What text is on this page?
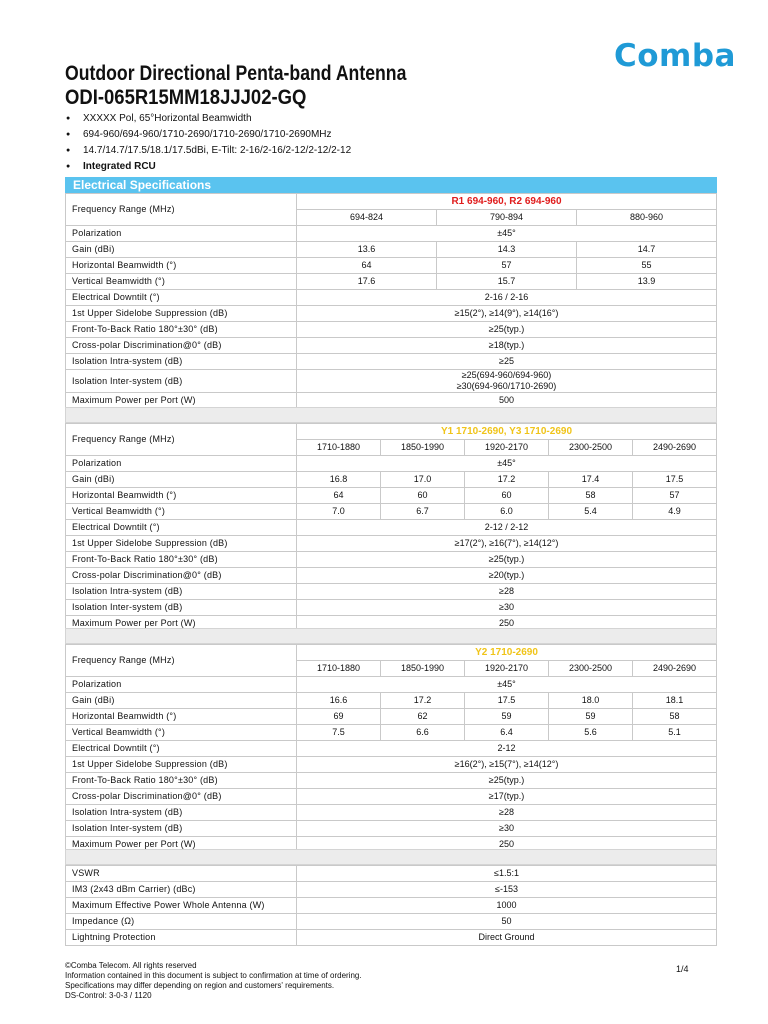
Comba
Outdoor Directional Penta-band Antenna
ODI-065R15MM18JJJ02-GQ
● XXXXX Pol, 65°Horizontal Beamwidth
● 694-960/694-960/1710-2690/1710-2690/1710-2690MHz
● 14.7/14.7/17.5/18.1/17.5dBi, E-Tilt: 2-16/2-16/2-12/2-12/2-12
● Integrated RCU
Electrical Specifications
Frequency Range (MHz)	R1 694-960, R2 694-960		
	694-824	790-894	880-960
Polarization	±45°		
Gain (dBi)	13.6	14.3	14.7
Horizontal Beamwidth (°)	64	57	55
Vertical Beamwidth (°)	17.6	15.7	13.9
Electrical Downtilt (°)	2-16 / 2-16		
1st Upper Sidelobe Suppression (dB)	≥15(2°), ≥14(9°), ≥14(16°)		
Front-To-Back Ratio 180°±30° (dB)	≥25(typ.)		
Cross-polar Discrimination@0° (dB)	≥18(typ.)		
Isolation Intra-system (dB)	≥25		
Isolation Inter-system (dB)	≥25(694-960/694-960)
≥30(694-960/1710-2690)		

Maximum Power per Port (W)	500		
Frequency Range (MHz)	Y1 1710-2690, Y3 1710-2690				
	1710-1880	1850-1990	1920-2170	2300-2500	2490-2690
Polarization	±45°				
Gain (dBi)	16.8	17.0	17.2	17.4	17.5
Horizontal Beamwidth (°)	64	60	60	58	57
Vertical Beamwidth (°)	7.0	6.7	6.0	5.4	4.9
Electrical Downtilt (°)	2-12 / 2-12				
1st Upper Sidelobe Suppression (dB)	≥17(2°), ≥16(7°), ≥14(12°)				
Front-To-Back Ratio 180°±30° (dB)	≥25(typ.)				
Cross-polar Discrimination@0° (dB)	≥20(typ.)				
Isolation Intra-system (dB)	≥28				
Isolation Inter-system (dB)	≥30				
Maximum Power per Port (W)	250				
Frequency Range (MHz)	Y2 1710-2690				
	1710-1880	1850-1990	1920-2170	2300-2500	2490-2690
Polarization	±45°				
Gain (dBi)	16.6	17.2	17.5	18.0	18.1
Horizontal Beamwidth (°)	69	62	59	59	58
Vertical Beamwidth (°)	7.5	6.6	6.4	5.6	5.1
Electrical Downtilt (°)	2-12				
1st Upper Sidelobe Suppression (dB)	≥16(2°), ≥15(7°), ≥14(12°)				
Front-To-Back Ratio 180°±30° (dB)	≥25(typ.)				
Cross-polar Discrimination@0° (dB)	≥17(typ.)				
Isolation Intra-system (dB)	≥28				
Isolation Inter-system (dB)	≥30				
Maximum Power per Port (W)	250				
VSWR	≤1.5:1
IM3 (2x43 dBm Carrier) (dBc)	≤-153
Maximum Effective Power Whole Antenna (W)	1000
Impedance (Ω)	50
Lightning Protection	Direct Ground
©Comba Telecom. All rights reserved
Information contained in this document is subject to confirmation at time of ordering.
Specifications may differ depending on region and customers' requirements.
DS-Control: 3-0-3 / 1120
1/4
